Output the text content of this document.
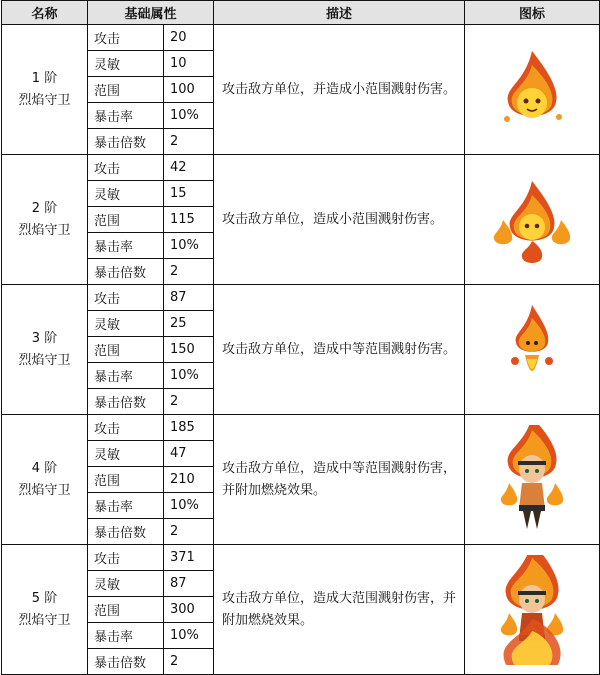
名称	基础属性		描述	图标

1 阶
烈焰守卫	攻击	20	攻击敌方单位，并造成小范围溅射伤害。	

	灵敏	10		
	范围	100		
	暴击率	10%		
	暴击倍数	2		

2 阶
烈焰守卫	攻击	42	攻击敌方单位，造成小范围溅射伤害。	

	灵敏	15		
	范围	115		
	暴击率	10%		
	暴击倍数	2		

3 阶
烈焰守卫	攻击	87	攻击敌方单位，造成中等范围溅射伤害。	

	灵敏	25		
	范围	150		
	暴击率	10%		
	暴击倍数	2		

4 阶
烈焰守卫	攻击	185	攻击敌方单位，造成中等范围溅射伤害，并附加燃烧效果。	

	灵敏	47		
	范围	210		
	暴击率	10%		
	暴击倍数	2		

5 阶
烈焰守卫	攻击	371	攻击敌方单位，造成大范围溅射伤害，并附加燃烧效果。	

	灵敏	87		
	范围	300		
	暴击率	10%		
	暴击倍数	2		
